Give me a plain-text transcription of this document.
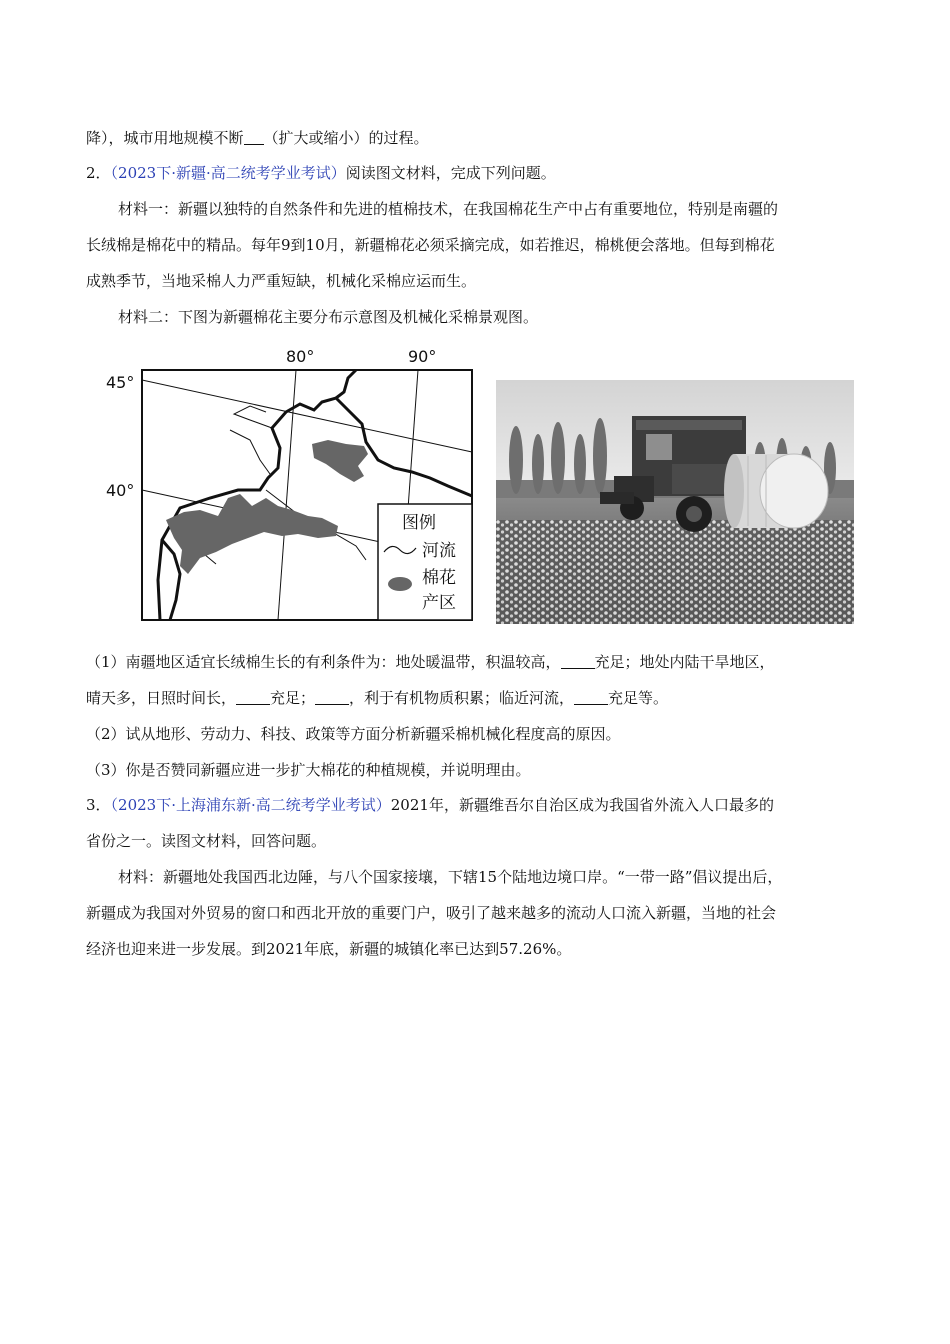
降），城市用地规模不断 （扩大或缩小）的过程。
2．（2023下·新疆·高二统考学业考试）阅读图文材料，完成下列问题。
材料一：新疆以独特的自然条件和先进的植棉技术，在我国棉花生产中占有重要地位，特别是南疆的
长绒棉是棉花中的精品。每年9到10月，新疆棉花必须采摘完成，如若推迟，棉桃便会落地。但每到棉花
成熟季节，当地采棉人力严重短缺，机械化采棉应运而生。
材料二：下图为新疆棉花主要分布示意图及机械化采棉景观图。
80°	90°
45°
40°
图例
河流
棉花
产区
（1）南疆地区适宜长绒棉生长的有利条件为：地处暖温带，积温较高， 充足；地处内陆干旱地区，
晴天多，日照时间长， 充足； ，利于有机物质积累；临近河流， 充足等。
（2）试从地形、劳动力、科技、政策等方面分析新疆采棉机械化程度高的原因。
（3）你是否赞同新疆应进一步扩大棉花的种植规模，并说明理由。
3．（2023下·上海浦东新·高二统考学业考试）2021年，新疆维吾尔自治区成为我国省外流入人口最多的
省份之一。读图文材料，回答问题。
材料：新疆地处我国西北边陲，与八个国家接壤，下辖15个陆地边境口岸。“一带一路”倡议提出后，
新疆成为我国对外贸易的窗口和西北开放的重要门户，吸引了越来越多的流动人口流入新疆，当地的社会
经济也迎来进一步发展。到2021年底，新疆的城镇化率已达到57.26%。
